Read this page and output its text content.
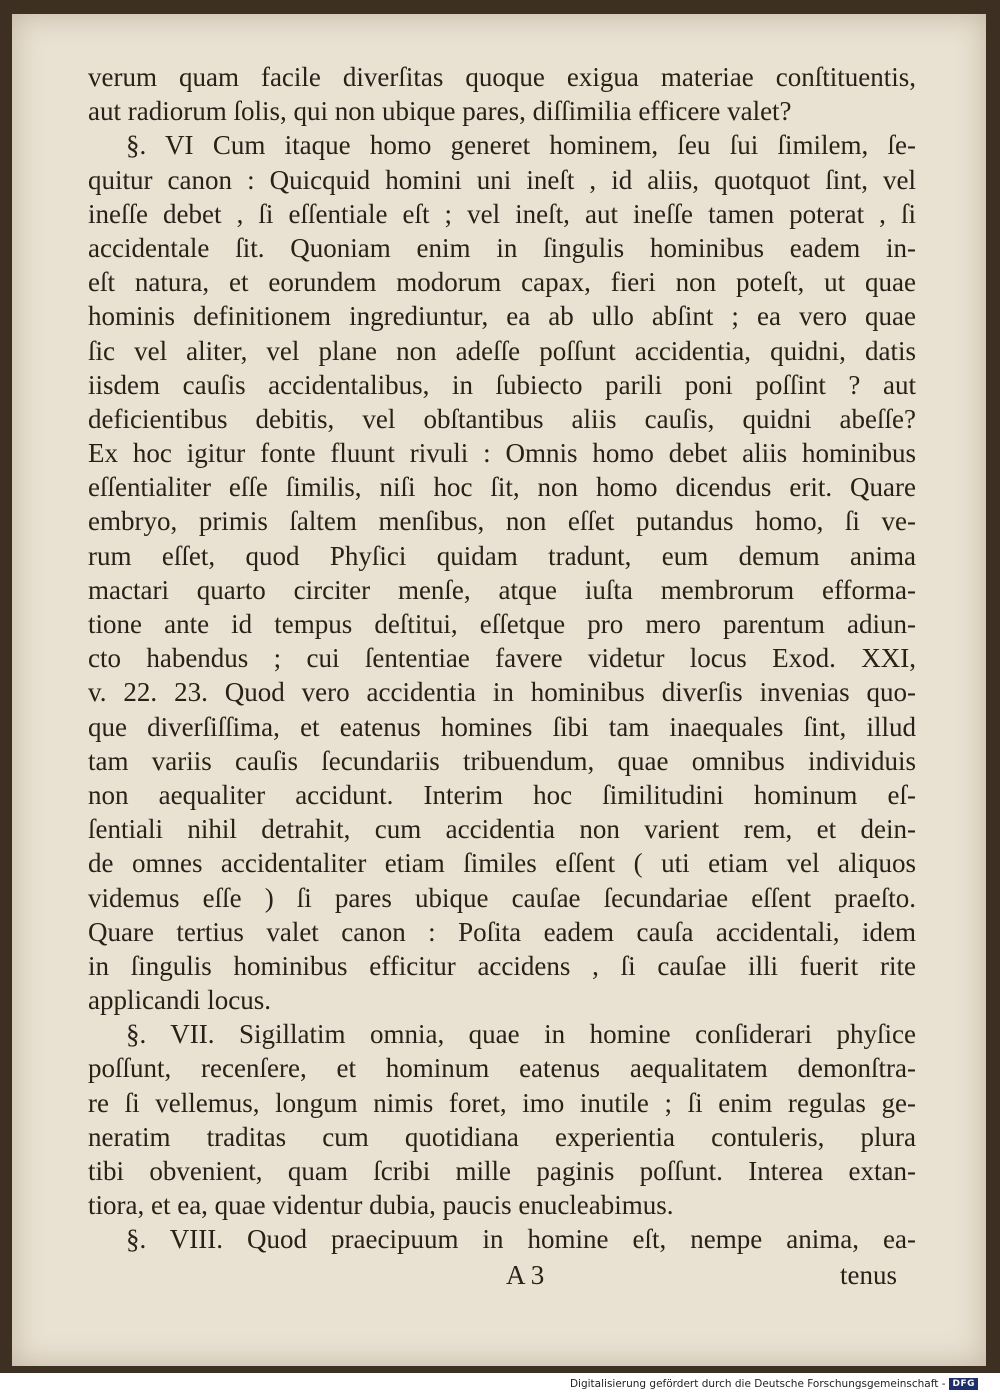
verum quam facile diverſitas quoque exigua materiae conſtituentis,
aut radiorum ſolis, qui non ubique pares, diſſimilia efficere valet?
§. VI Cum itaque homo generet hominem, ſeu ſui ſimilem, ſe-
quitur canon : Quicquid homini uni ineſt , id aliis, quotquot ſint, vel
ineſſe debet , ſi eſſentiale eſt ; vel ineſt, aut ineſſe tamen poterat , ſi
accidentale ſit. Quoniam enim in ſingulis hominibus eadem in-
eſt natura, et eorundem modorum capax, fieri non poteſt, ut quae
hominis definitionem ingrediuntur, ea ab ullo abſint ; ea vero quae
ſic vel aliter, vel plane non adeſſe poſſunt accidentia, quidni, datis
iisdem cauſis accidentalibus, in ſubiecto parili poni poſſint ? aut
deficientibus debitis, vel obſtantibus aliis cauſis, quidni abeſſe?
Ex hoc igitur fonte fluunt rivuli : Omnis homo debet aliis hominibus
eſſentialiter eſſe ſimilis, niſi hoc ſit, non homo dicendus erit. Quare
embryo, primis ſaltem menſibus, non eſſet putandus homo, ſi ve-
rum eſſet, quod Phyſici quidam tradunt, eum demum anima
mactari quarto circiter menſe, atque iuſta membrorum efforma-
tione ante id tempus deſtitui, eſſetque pro mero parentum adiun-
cto habendus ; cui ſententiae favere videtur locus Exod. XXI,
v. 22. 23. Quod vero accidentia in hominibus diverſis invenias quo-
que diverſiſſima, et eatenus homines ſibi tam inaequales ſint, illud
tam variis cauſis ſecundariis tribuendum, quae omnibus individuis
non aequaliter accidunt. Interim hoc ſimilitudini hominum eſ-
ſentiali nihil detrahit, cum accidentia non varient rem, et dein-
de omnes accidentaliter etiam ſimiles eſſent ( uti etiam vel aliquos
videmus eſſe ) ſi pares ubique cauſae ſecundariae eſſent praeſto.
Quare tertius valet canon : Poſita eadem cauſa accidentali, idem
in ſingulis hominibus efficitur accidens , ſi cauſae illi fuerit rite
applicandi locus.
§. VII. Sigillatim omnia, quae in homine conſiderari phyſice
poſſunt, recenſere, et hominum eatenus aequalitatem demonſtra-
re ſi vellemus, longum nimis foret, imo inutile ; ſi enim regulas ge-
neratim traditas cum quotidiana experientia contuleris, plura
tibi obvenient, quam ſcribi mille paginis poſſunt. Interea extan-
tiora, et ea, quae videntur dubia, paucis enucleabimus.
§. VIII. Quod praecipuum in homine eſt, nempe anima, ea-
A 3	tenus
Digitalisierung gefördert durch die Deutsche Forschungsgemeinschaft - DFG
